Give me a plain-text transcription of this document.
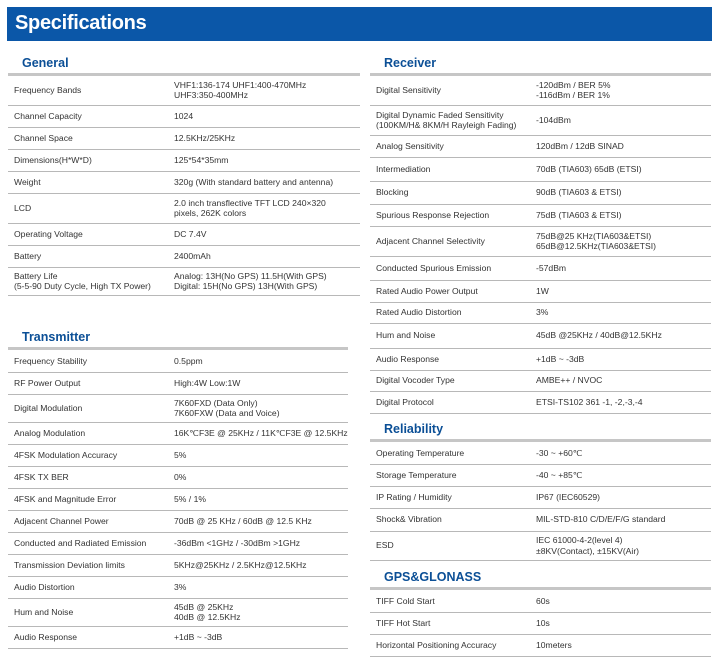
Specifications
General
Frequency Bands	VHF1:136-174 UHF1:400-470MHz
UHF3:350-400MHz
Channel Capacity	1024
Channel Space	12.5KHz/25KHz
Dimensions(H*W*D)	125*54*35mm
Weight	320g (With standard battery and antenna)
LCD	2.0 inch transflective TFT LCD 240×320
pixels, 262K colors
Operating Voltage	DC 7.4V
Battery	2400mAh
Battery Life
(5-5-90 Duty Cycle, High TX Power)	Analog: 13H(No GPS) 11.5H(With GPS)
Digital: 15H(No GPS) 13H(With GPS)
Transmitter
Frequency Stability	0.5ppm
RF Power Output	High:4W Low:1W
Digital Modulation	7K60FXD (Data Only)
7K60FXW (Data and Voice)
Analog Modulation	16K℃F3E @ 25KHz / 11K℃F3E @ 12.5KHz
4FSK Modulation Accuracy	5%
4FSK TX BER	0%
4FSK and Magnitude Error	5% / 1%
Adjacent Channel Power	70dB @ 25 KHz / 60dB @ 12.5 KHz
Conducted and Radiated Emission	-36dBm <1GHz / -30dBm >1GHz
Transmission Deviation limits	5KHz@25KHz / 2.5KHz@12.5KHz
Audio Distortion	3%
Hum and Noise	45dB @ 25KHz
40dB @ 12.5KHz
Audio Response	+1dB ~ -3dB
Receiver
Digital Sensitivity	-120dBm / BER 5%
-116dBm / BER 1%
Digital Dynamic Faded Sensitivity
(100KM/H& 8KM/H Rayleigh Fading)	-104dBm
Analog Sensitivity	120dBm / 12dB SINAD
Intermediation	70dB (TIA603) 65dB (ETSI)
Blocking	90dB (TIA603 & ETSI)
Spurious Response Rejection	75dB (TIA603 & ETSI)
Adjacent Channel Selectivity	75dB@25 KHz(TIA603&ETSI)
65dB@12.5KHz(TIA603&ETSI)
Conducted Spurious Emission	-57dBm
Rated Audio Power Output	1W
Rated Audio Distortion	3%
Hum and Noise	45dB @25KHz / 40dB@12.5KHz
Audio Response	+1dB ~ -3dB
Digital Vocoder Type	AMBE++ / NVOC
Digital Protocol	ETSI-TS102 361 -1, -2,-3,-4
Reliability
Operating Temperature	-30 ~ +60℃
Storage Temperature	-40 ~ +85℃
IP Rating / Humidity	IP67 (IEC60529)
Shock& Vibration	MIL-STD-810 C/D/E/F/G standard
ESD	IEC 61000-4-2(level 4)
±8KV(Contact), ±15KV(Air)
GPS&GLONASS
TIFF Cold Start	60s
TIFF Hot Start	10s
Horizontal Positioning Accuracy	10meters
